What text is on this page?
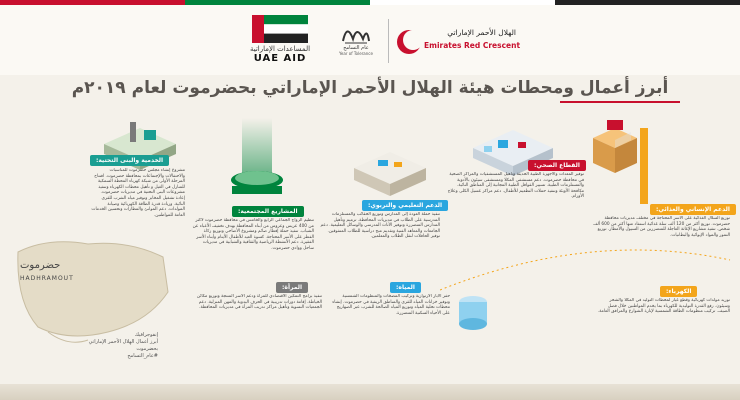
المساعدات الإماراتية
UAE AID
عام التسامح
Year of Tolerance
الهلال الأحمر الإماراتي
Emirates Red Crescent
أبرز أعمال ومحطات هيئة الهلال الأحمر الإماراتي بحضرموت لعام ٢٠١٩م
الدعم الإنساني والغذائي:
توزيع السلال الغذائية على الأسر المحتاجة في مختلف مديريات محافظة حضرموت. توزيع أكثر من 120 ألف سلة غذائية استفاد منها أكثر من 600 ألف شخص. تنفيذ مشاريع الإغاثة العاجلة للمتضررين من السيول والأمطار. توزيع التمور والمواد الإيوائية والبطانيات.
القطاع الصحي:
توفير المعدات والأجهزة الطبية الحديثة وتأهيل المستشفيات والمراكز الصحية في محافظة حضرموت. دعم مستشفى المكلا ومستشفى سيئون بالأدوية والمستلزمات الطبية. تسيير القوافل الطبية المجانية إلى المناطق النائية. مكافحة الأوبئة وتنفيذ حملات التطعيم للأطفال. دعم مراكز غسيل الكلى وعلاج الأورام.
الدعم التعليمي والتربوي:
تنفيذ حملة العودة إلى المدارس وتوزيع الحقائب والمستلزمات المدرسية على الطلاب في مديريات المحافظة. ترميم وتأهيل المدارس المتضررة وتوفير الأثاث المدرسي والوسائل التعليمية. دعم الجامعات والمعاهد الفنية وتقديم منح دراسية للطلاب المتفوقين. توفير الحافلات لنقل الطلاب والمعلمين.
المشاريع المجتمعية:
تنظيم الزواج الجماعي الرابع والخامس في محافظة حضرموت لأكثر من 400 عريس وعروس من أبناء المحافظة بهدف تخفيف الأعباء عن الشباب. تنفيذ حملة إفطار صائم ومشروع الأضاحي وتوزيع زكاة الفطر على الأسر المحتاجة. كسوة العيد للأطفال الأيتام وأبناء الأسر الفقيرة. دعم الأنشطة الرياضية والثقافية والشبابية في مديريات ساحل ووادي حضرموت.
الخدمية والبنى التحتية:
مشروع إنشاء مجلس حضرموت للمناسبات والاحتفالات والإجتماعات بمحافظة حضرموت. افتتاح المرحلة الأولى من شبكة كهرباء المحطة السمكية للمنازل في الغيل و تأهيل محطات الكهرباء وتنفيذ مشروعات البنى التحتية في مديريات حضرموت. إعادة تشغيل المخابز وتوفير مياه الشرب للقرى النائية. وزيادة قدرة الطاقة الكهربائية وصيانة المولدات. دعم الموانئ والمطارات وتحسين الخدمات العامة للمواطنين.
حضرموت
HADHRAMOUT
إنفوجرافيك
أبرز أعمال الهلال الأحمر الإماراتي
بحضرموت
#عام_التسامح
الكهرباء:
توريد مولدات كهربائية وقطع غيار لمحطات التوليد في المكلا والشحر وسيئون. رفع القدرة التوليدية للكهرباء بما يخدم المواطنين خلال فصل الصيف. تركيب منظومات الطاقة الشمسية لإنارة الشوارع والمرافق العامة.
المياه:
حفر الآبار الارتوازية وتركيب المضخات والمنظومات الشمسية وتوفير خزانات المياه للقرى والمناطق الريفية في حضرموت. إنشاء محطات تحلية المياه وتوزيع المياه الصالحة للشرب عبر الصهاريج على الأحياء السكنية المتضررة.
المرأة:
تنفيذ برامج التمكين الاقتصادي للمرأة ودعم الأسر المنتجة وتوزيع مكائن الخياطة. إقامة دورات تدريبية في الحرف اليدوية والمهن المنزلية. دعم الجمعيات النسوية وتأهيل مراكز تدريب المرأة في مديريات المحافظة.
